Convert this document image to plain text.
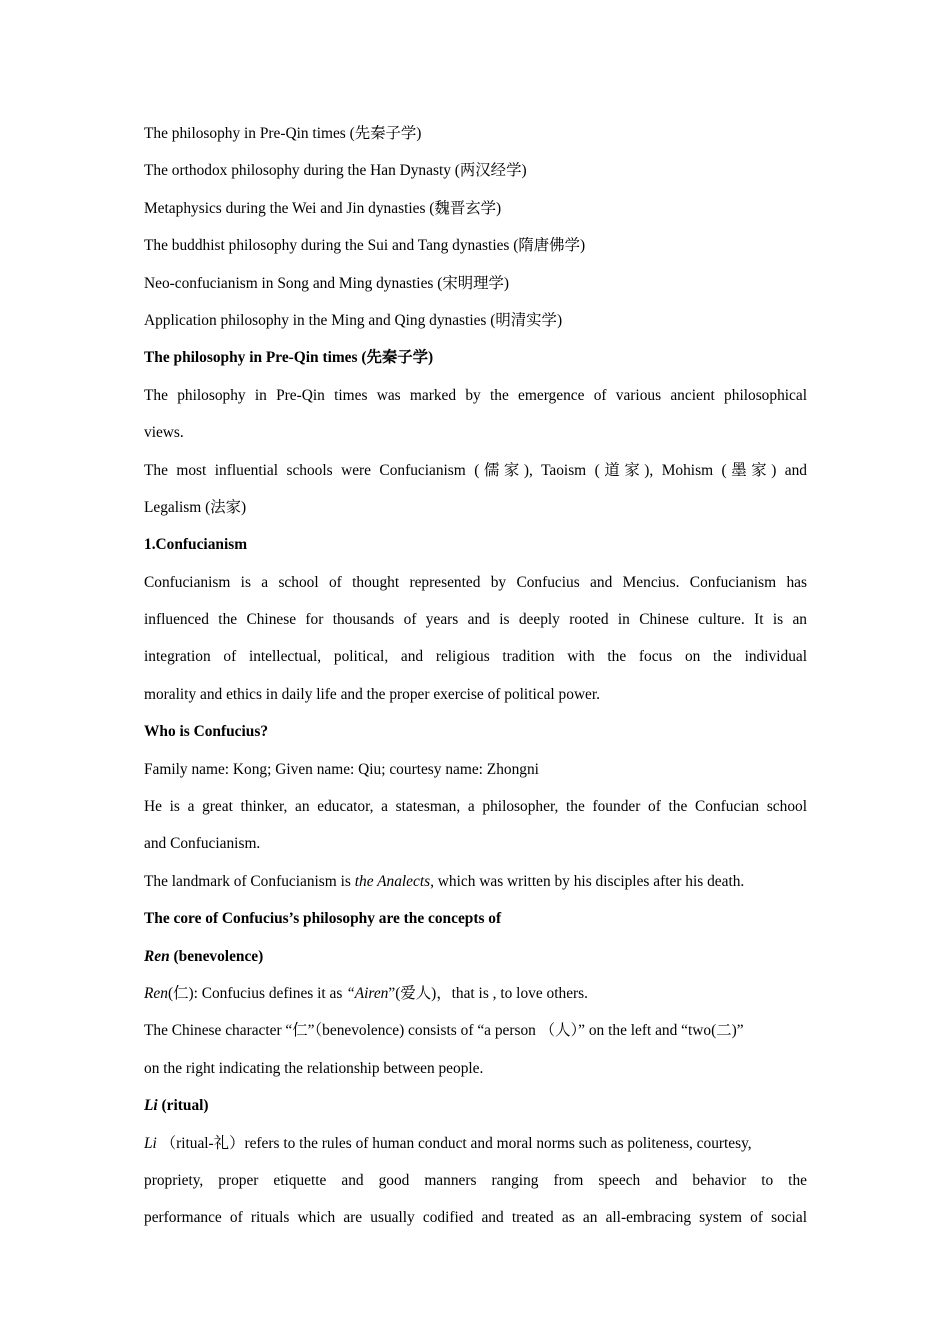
The philosophy in Pre-Qin times (先秦子学)
The orthodox philosophy during the Han Dynasty (两汉经学)
Metaphysics during the Wei and Jin dynasties (魏晋玄学)
The buddhist philosophy during the Sui and Tang dynasties (隋唐佛学)
Neo-confucianism in Song and Ming dynasties (宋明理学)
Application philosophy in the Ming and Qing dynasties (明清实学)
The philosophy in Pre-Qin times (先秦子学)
The philosophy in Pre-Qin times was marked by the emergence of various ancient philosophical
views.
The most influential schools were Confucianism (儒家), Taoism (道家), Mohism (墨家) and
Legalism (法家)
1.Confucianism
Confucianism is a school of thought represented by Confucius and Mencius. Confucianism has
influenced the Chinese for thousands of years and is deeply rooted in Chinese culture. It is an
integration of intellectual, political, and religious tradition with the focus on the individual
morality and ethics in daily life and the proper exercise of political power.
Who is Confucius?
Family name: Kong; Given name: Qiu; courtesy name: Zhongni
He is a great thinker, an educator, a statesman, a philosopher, the founder of the Confucian school
and Confucianism.
The landmark of Confucianism is the Analects, which was written by his disciples after his death.
The core of Confucius’s philosophy are the concepts of
Ren (benevolence)
Ren(仁): Confucius defines it as “Airen”(爱人)，that is , to love others.
The Chinese character “仁”（benevolence) consists of “a person （人）” on the left and “two(二)”
on the right indicating the relationship between people.
Li (ritual)
Li （ritual-礼）refers to the rules of human conduct and moral norms such as politeness, courtesy,
propriety, proper etiquette and good manners ranging from speech and behavior to the
performance of rituals which are usually codified and treated as an all-embracing system of social
